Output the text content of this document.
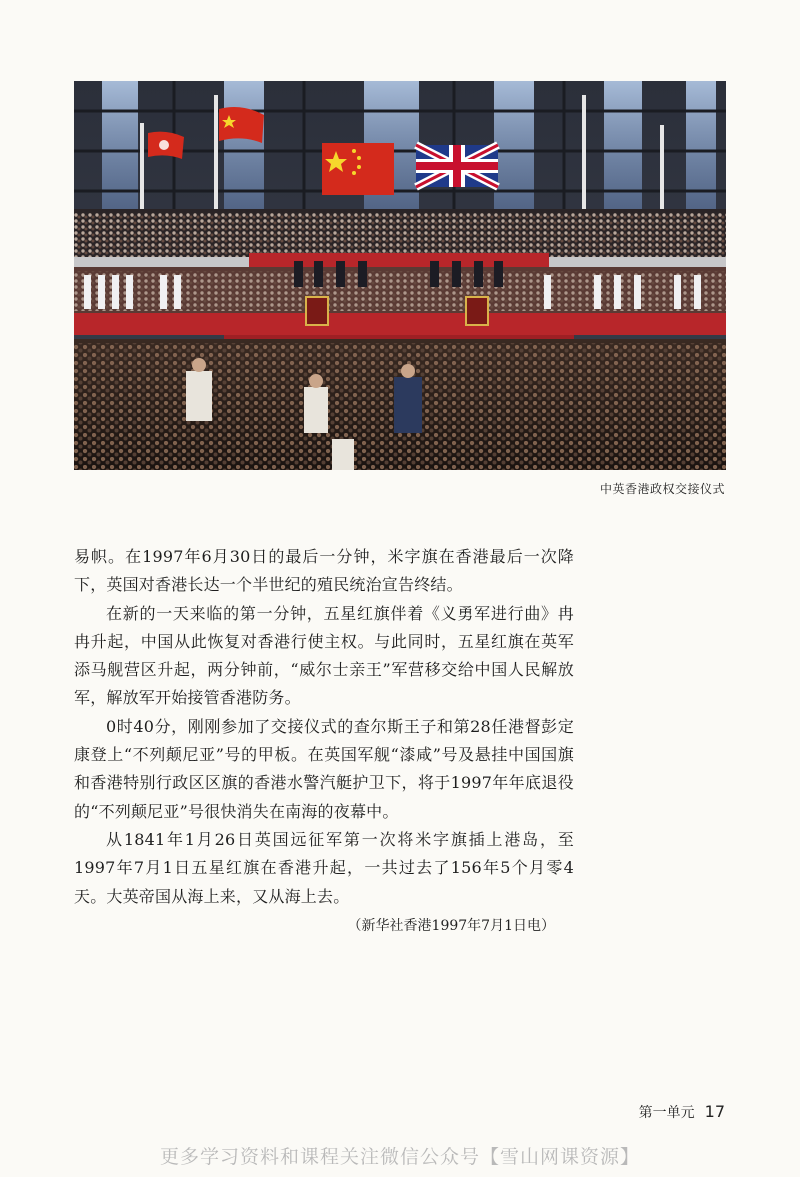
中英香港政权交接仪式

易帜。在1997年6月30日的最后一分钟，米字旗在香港最后一次降下，英国对香港长达一个半世纪的殖民统治宣告终结。

在新的一天来临的第一分钟，五星红旗伴着《义勇军进行曲》冉冉升起，中国从此恢复对香港行使主权。与此同时，五星红旗在英军添马舰营区升起，两分钟前，“威尔士亲王”军营移交给中国人民解放军，解放军开始接管香港防务。

0时40分，刚刚参加了交接仪式的查尔斯王子和第28任港督彭定康登上“不列颠尼亚”号的甲板。在英国军舰“漆咸”号及悬挂中国国旗和香港特别行政区区旗的香港水警汽艇护卫下，将于1997年年底退役的“不列颠尼亚”号很快消失在南海的夜幕中。

从1841年1月26日英国远征军第一次将米字旗插上港岛，至1997年7月1日五星红旗在香港升起，一共过去了156年5个月零4天。大英帝国从海上来，又从海上去。

（新华社香港1997年7月1日电）
第一单元 17
更多学习资料和课程关注微信公众号【雪山网课资源】
